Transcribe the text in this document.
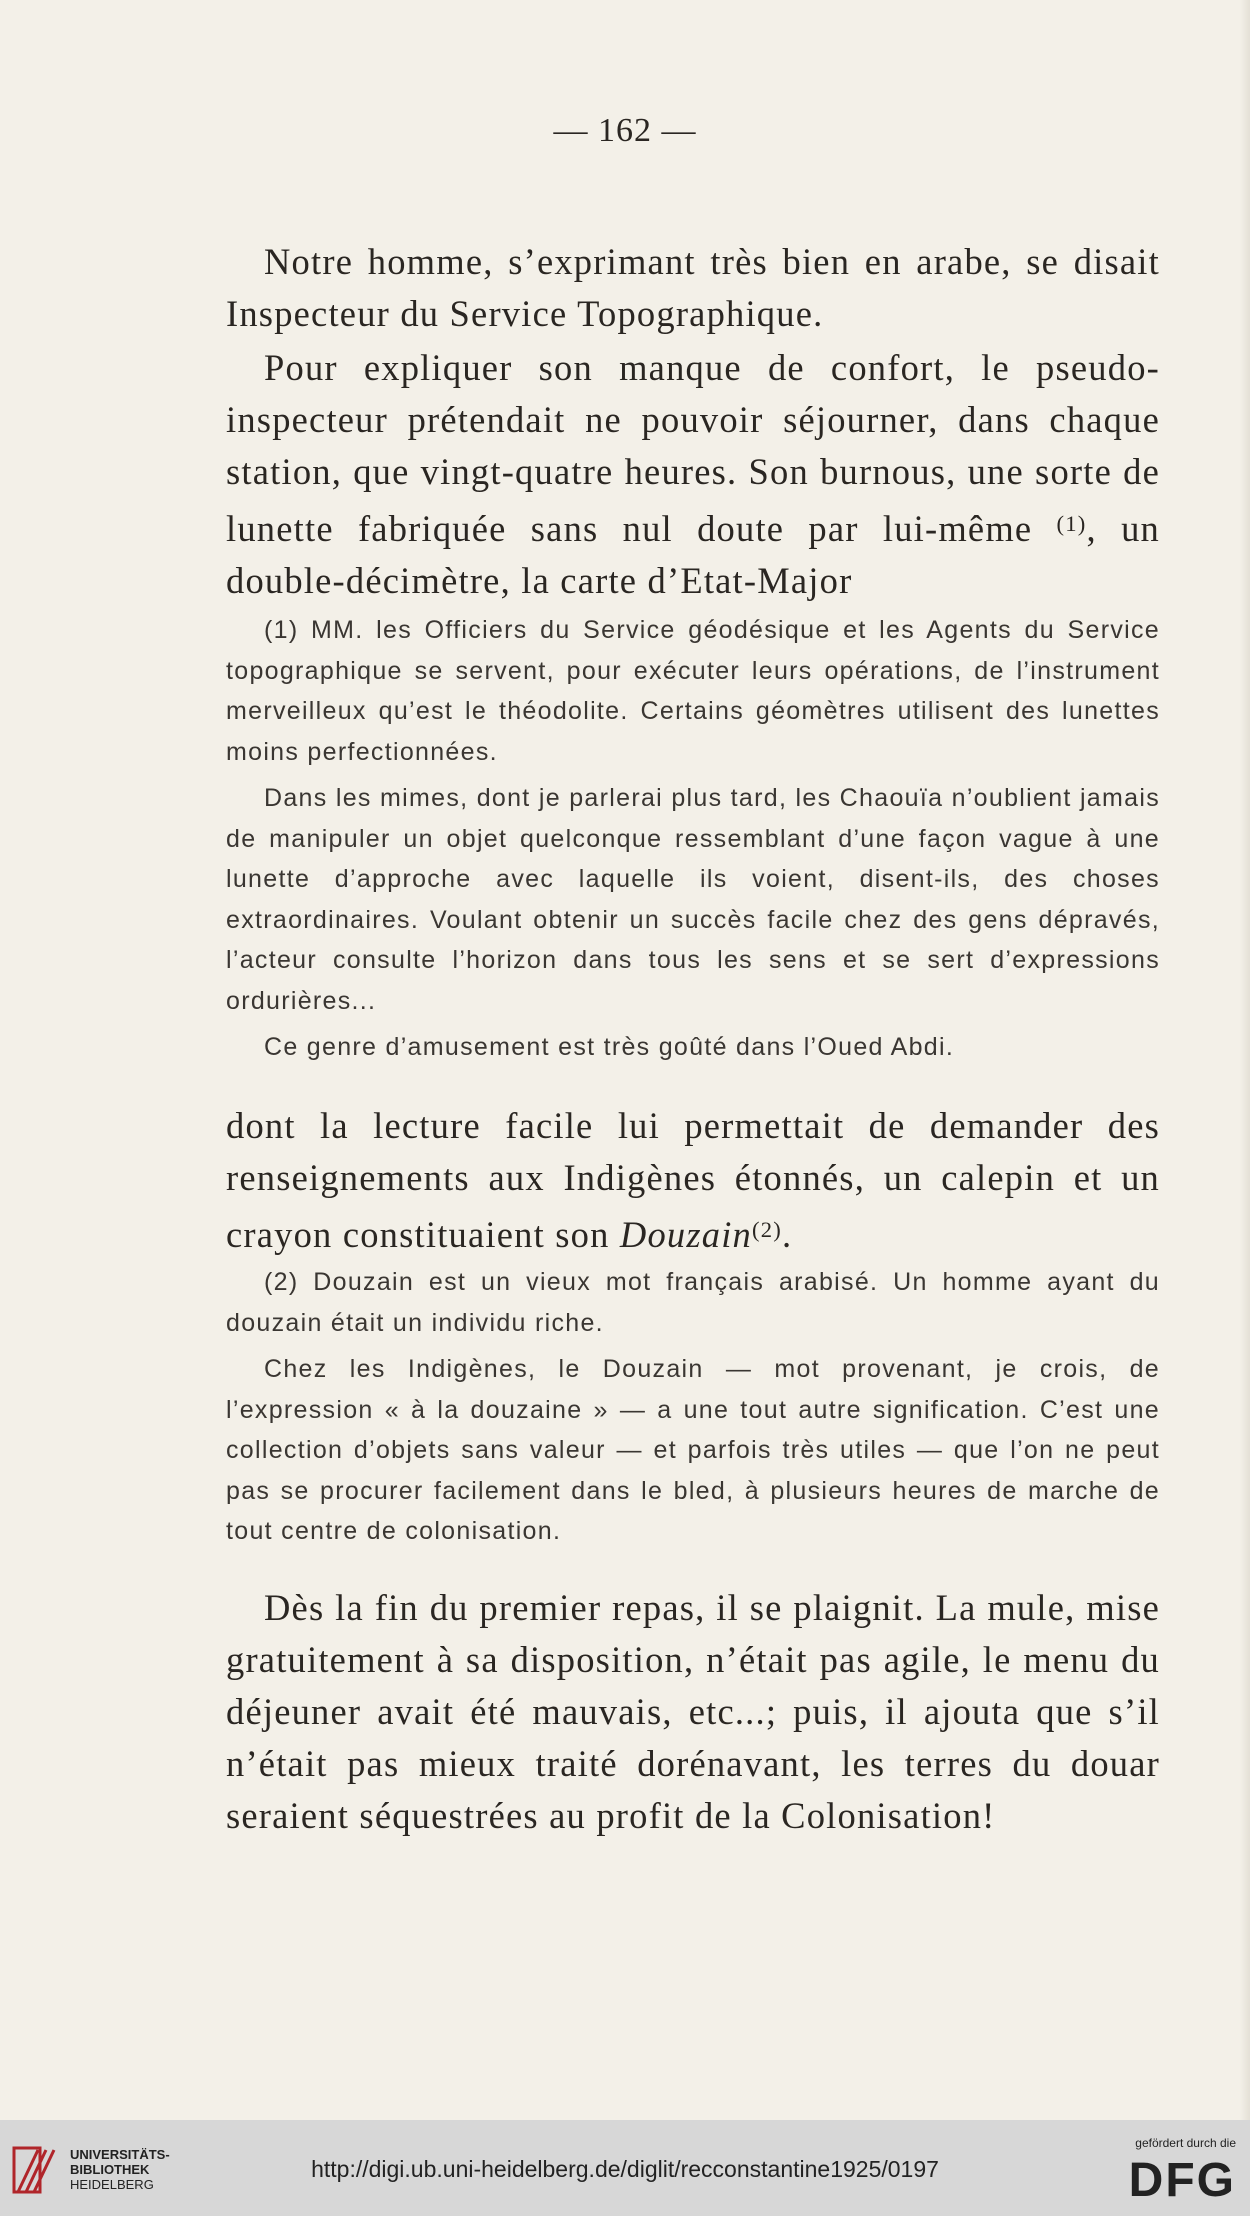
— 162 —

Notre homme, s’exprimant très bien en arabe, se disait Inspecteur du Service Topographique.

Pour expliquer son manque de confort, le pseudo-inspecteur prétendait ne pouvoir séjourner, dans chaque station, que vingt-quatre heures. Son burnous, une sorte de lunette fabriquée sans nul doute par lui-même $^{(1)}$, un double-décimètre, la carte d’Etat-Major

(1) MM. les Officiers du Service géodésique et les Agents du Service topographique se servent, pour exécuter leurs opérations, de l’instrument merveilleux qu’est le théodolite. Certains géomètres utilisent des lunettes moins perfectionnées.

Dans les mimes, dont je parlerai plus tard, les Chaouïa n’oublient jamais de manipuler un objet quelconque ressemblant d’une façon vague à une lunette d’approche avec laquelle ils voient, disent-ils, des choses extraordinaires. Voulant obtenir un succès facile chez des gens dépravés, l’acteur consulte l’horizon dans tous les sens et se sert d’expressions ordurières...

Ce genre d’amusement est très goûté dans l’Oued Abdi.

dont la lecture facile lui permettait de demander des renseignements aux Indigènes étonnés, un calepin et un crayon constituaient son Douzain$^{(2)}$.

(2) Douzain est un vieux mot français arabisé. Un homme ayant du douzain était un individu riche.

Chez les Indigènes, le Douzain — mot provenant, je crois, de l’expression « à la douzaine » — a une tout autre signification. C’est une collection d’objets sans valeur — et parfois très utiles — que l’on ne peut pas se procurer facilement dans le bled, à plusieurs heures de marche de tout centre de colonisation.

Dès la fin du premier repas, il se plaignit. La mule, mise gratuitement à sa disposition, n’était pas agile, le menu du déjeuner avait été mauvais, etc...; puis, il ajouta que s’il n’était pas mieux traité dorénavant, les terres du douar seraient séquestrées au profit de la Colonisation!

UNIVERSITÄTS-
BIBLIOTHEK
HEIDELBERG
http://digi.ub.uni-heidelberg.de/diglit/recconstantine1925/0197
gefördert durch die
DFG
